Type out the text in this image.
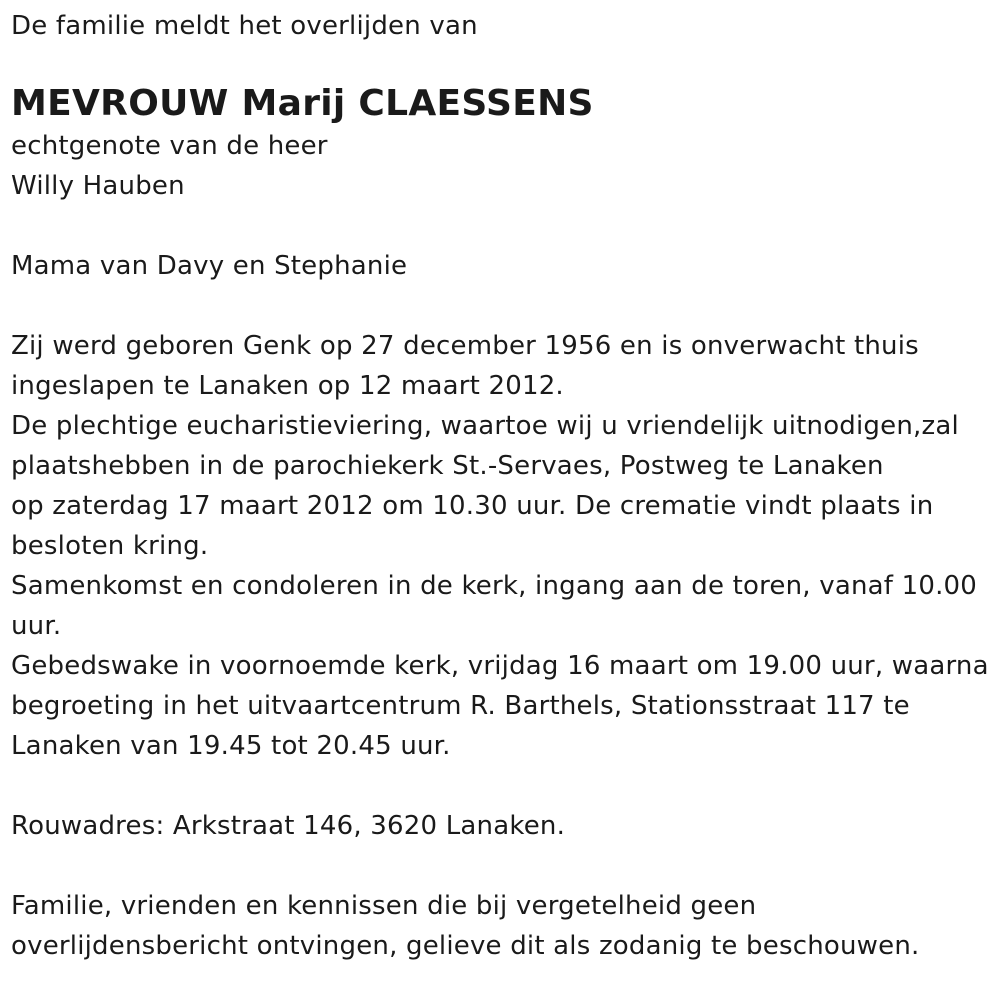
De familie meldt het overlijden van
MEVROUW Marij CLAESSENS
echtgenote van de heer
Willy Hauben
Mama van Davy en Stephanie
Zij werd geboren Genk op 27 december 1956 en is onverwacht thuis
ingeslapen te Lanaken op 12 maart 2012.
De plechtige eucharistieviering, waartoe wij u vriendelijk uitnodigen,zal
plaatshebben in de parochiekerk St.-Servaes, Postweg te Lanaken
op zaterdag 17 maart 2012 om 10.30 uur. De crematie vindt plaats in
besloten kring.
Samenkomst en condoleren in de kerk, ingang aan de toren, vanaf 10.00
uur.
Gebedswake in voornoemde kerk, vrijdag 16 maart om 19.00 uur, waarna
begroeting in het uitvaartcentrum R. Barthels, Stationsstraat 117 te
Lanaken van 19.45 tot 20.45 uur.
Rouwadres: Arkstraat 146, 3620 Lanaken.
Familie, vrienden en kennissen die bij vergetelheid geen
overlijdensbericht ontvingen, gelieve dit als zodanig te beschouwen.
